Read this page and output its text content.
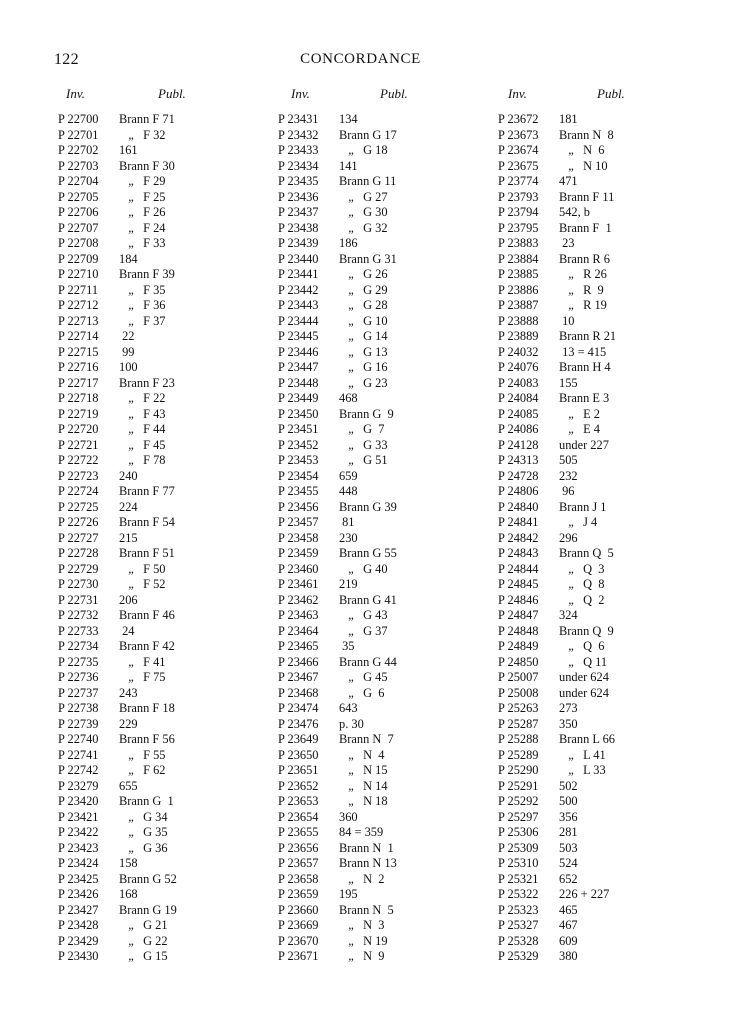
122	CONCORDANCE
Inv.	Publ.
P 22700 Brann F 71
P 22701 „   F 32
P 22702 161
P 22703 Brann F 30
P 22704 „   F 29
P 22705 „   F 25
P 22706 „   F 26
P 22707 „   F 24
P 22708 „   F 33
P 22709 184
P 22710 Brann F 39
P 22711 „   F 35
P 22712 „   F 36
P 22713 „   F 37
P 22714 22
P 22715 99
P 22716 100
P 22717 Brann F 23
P 22718 „   F 22
P 22719 „   F 43
P 22720 „   F 44
P 22721 „   F 45
P 22722 „   F 78
P 22723 240
P 22724 Brann F 77
P 22725 224
P 22726 Brann F 54
P 22727 215
P 22728 Brann F 51
P 22729 „   F 50
P 22730 „   F 52
P 22731 206
P 22732 Brann F 46
P 22733 24
P 22734 Brann F 42
P 22735 „   F 41
P 22736 „   F 75
P 22737 243
P 22738 Brann F 18
P 22739 229
P 22740 Brann F 56
P 22741 „   F 55
P 22742 „   F 62
P 23279 655
P 23420 Brann G  1
P 23421 „   G 34
P 23422 „   G 35
P 23423 „   G 36
P 23424 158
P 23425 Brann G 52
P 23426 168
P 23427 Brann G 19
P 23428 „   G 21
P 23429 „   G 22
P 23430 „   G 15
Inv.	Publ.
P 23431 134
P 23432 Brann G 17
P 23433 „   G 18
P 23434 141
P 23435 Brann G 11
P 23436 „   G 27
P 23437 „   G 30
P 23438 „   G 32
P 23439 186
P 23440 Brann G 31
P 23441 „   G 26
P 23442 „   G 29
P 23443 „   G 28
P 23444 „   G 10
P 23445 „   G 14
P 23446 „   G 13
P 23447 „   G 16
P 23448 „   G 23
P 23449 468
P 23450 Brann G  9
P 23451 „   G  7
P 23452 „   G 33
P 23453 „   G 51
P 23454 659
P 23455 448
P 23456 Brann G 39
P 23457 81
P 23458 230
P 23459 Brann G 55
P 23460 „   G 40
P 23461 219
P 23462 Brann G 41
P 23463 „   G 43
P 23464 „   G 37
P 23465 35
P 23466 Brann G 44
P 23467 „   G 45
P 23468 „   G  6
P 23474 643
P 23476 p. 30
P 23649 Brann N  7
P 23650 „   N  4
P 23651 „   N 15
P 23652 „   N 14
P 23653 „   N 18
P 23654 360
P 23655 84 = 359
P 23656 Brann N  1
P 23657 Brann N 13
P 23658 „   N  2
P 23659 195
P 23660 Brann N  5
P 23669 „   N  3
P 23670 „   N 19
P 23671 „   N  9
Inv.	Publ.
P 23672 181
P 23673 Brann N  8
P 23674 „   N  6
P 23675 „   N 10
P 23774 471
P 23793 Brann F 11
P 23794 542, b
P 23795 Brann F  1
P 23883 23
P 23884 Brann R 6
P 23885 „   R 26
P 23886 „   R  9
P 23887 „   R 19
P 23888 10
P 23889 Brann R 21
P 24032 13 = 415
P 24076 Brann H 4
P 24083 155
P 24084 Brann E 3
P 24085 „   E 2
P 24086 „   E 4
P 24128 under 227
P 24313 505
P 24728 232
P 24806 96
P 24840 Brann J 1
P 24841 „   J 4
P 24842 296
P 24843 Brann Q  5
P 24844 „   Q  3
P 24845 „   Q  8
P 24846 „   Q  2
P 24847 324
P 24848 Brann Q  9
P 24849 „   Q  6
P 24850 „   Q 11
P 25007 under 624
P 25008 under 624
P 25263 273
P 25287 350
P 25288 Brann L 66
P 25289 „   L 41
P 25290 „   L 33
P 25291 502
P 25292 500
P 25297 356
P 25306 281
P 25309 503
P 25310 524
P 25321 652
P 25322 226 + 227
P 25323 465
P 25327 467
P 25328 609
P 25329 380
